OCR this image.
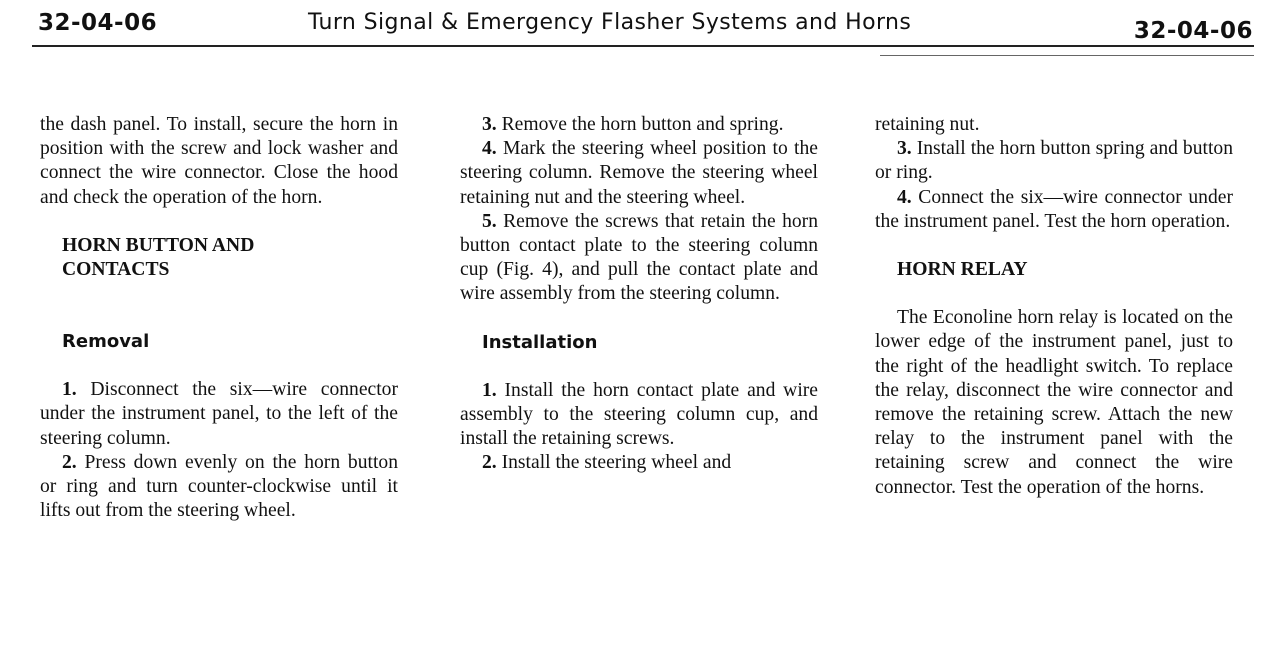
32-04-06	Turn Signal & Emergency Flasher Systems and Horns	32-04-06

the dash panel. To install, secure the horn in position with the screw and lock washer and connect the wire connector. Close the hood and check the operation of the horn.

HORN BUTTON AND
CONTACTS
Removal

1. Disconnect the six—wire connector under the instrument panel, to the left of the steering column.

2. Press down evenly on the horn button or ring and turn counter-clockwise until it lifts out from the steering wheel.

3. Remove the horn button and spring.

4. Mark the steering wheel position to the steering column. Remove the steering wheel retaining nut and the steering wheel.

5. Remove the screws that retain the horn button contact plate to the steering column cup (Fig. 4), and pull the contact plate and wire assembly from the steering column.

Installation

1. Install the horn contact plate and wire assembly to the steering column cup, and install the retaining screws.

2. Install the steering wheel and

retaining nut.

3. Install the horn button spring and button or ring.

4. Connect the six—wire connector under the instrument panel. Test the horn operation.

HORN RELAY

The Econoline horn relay is located on the lower edge of the instrument panel, just to the right of the headlight switch. To replace the relay, disconnect the wire connector and remove the retaining screw. Attach the new relay to the instrument panel with the retaining screw and connect the wire connector. Test the operation of the horns.
